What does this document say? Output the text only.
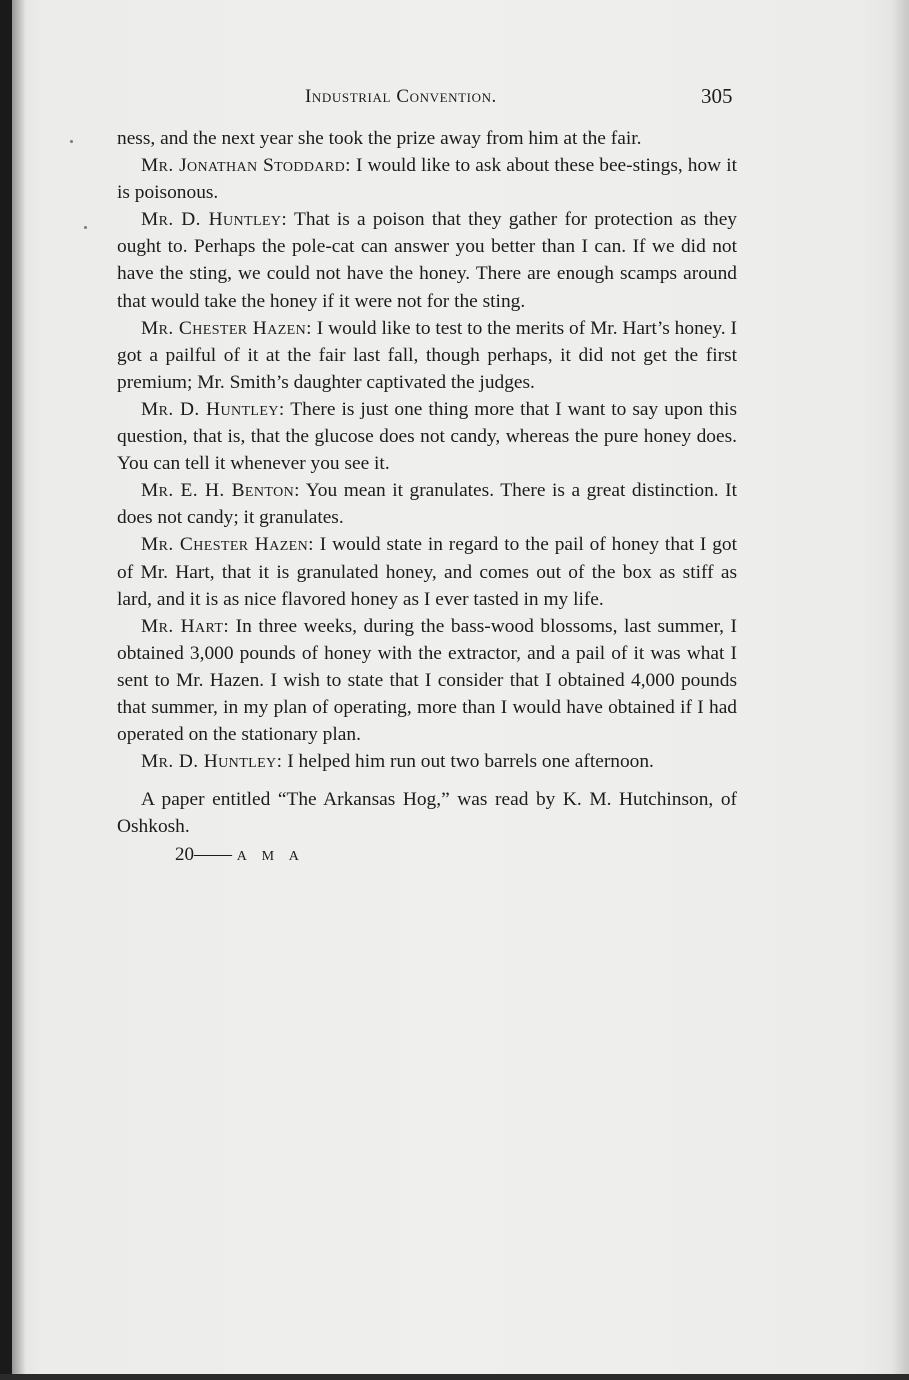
Industrial Convention.	305

ness, and the next year she took the prize away from him at the fair.

Mr. Jonathan Stoddard: I would like to ask about these bee-stings, how it is poisonous.

Mr. D. Huntley: That is a poison that they gather for protection as they ought to. Perhaps the pole-cat can answer you better than I can. If we did not have the sting, we could not have the honey. There are enough scamps around that would take the honey if it were not for the sting.

Mr. Chester Hazen: I would like to test to the merits of Mr. Hart’s honey. I got a pailful of it at the fair last fall, though perhaps, it did not get the first premium; Mr. Smith’s daughter captivated the judges.

Mr. D. Huntley: There is just one thing more that I want to say upon this question, that is, that the glucose does not candy, whereas the pure honey does. You can tell it whenever you see it.

Mr. E. H. Benton: You mean it granulates. There is a great distinction. It does not candy; it granulates.

Mr. Chester Hazen: I would state in regard to the pail of honey that I got of Mr. Hart, that it is granulated honey, and comes out of the box as stiff as lard, and it is as nice flavored honey as I ever tasted in my life.

Mr. Hart: In three weeks, during the bass-wood blossoms, last summer, I obtained 3,000 pounds of honey with the extractor, and a pail of it was what I sent to Mr. Hazen. I wish to state that I consider that I obtained 4,000 pounds that summer, in my plan of operating, more than I would have obtained if I had operated on the stationary plan.

Mr. D. Huntley: I helped him run out two barrels one afternoon.

A paper entitled “The Arkansas Hog,” was read by K. M. Hutchinson, of Oshkosh.

20—— A M A
